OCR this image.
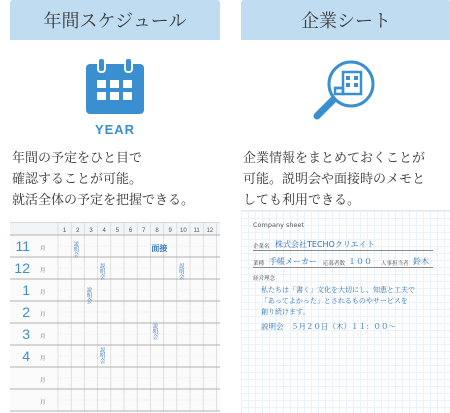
年間スケジュール
YEAR
年間の予定をひと目で
確認することが可能。
就活全体の予定を把握できる。
1 2 3 4 5 6 7 8 9 10 11 12
11 月
12 月
1 月
2 月
3 月
4 月
月
月
説明会
説明会	説明会
説明会
説明会
説明会
面接
企業シート
企業情報をまとめておくことが
可能。説明会や面接時のメモと
しても利用できる。
Company sheet
企業名 株式会社TECHOクリエイト
業種 手帳メーカー 応募者数 １００ 人事担当者 鈴木
経営理念
私たちは「書く」文化を大切にし、知恵と工夫で
「あってよかった」とされるものやサービスを
創り続けます。
説明会　５月２０日（木）１１：００～
